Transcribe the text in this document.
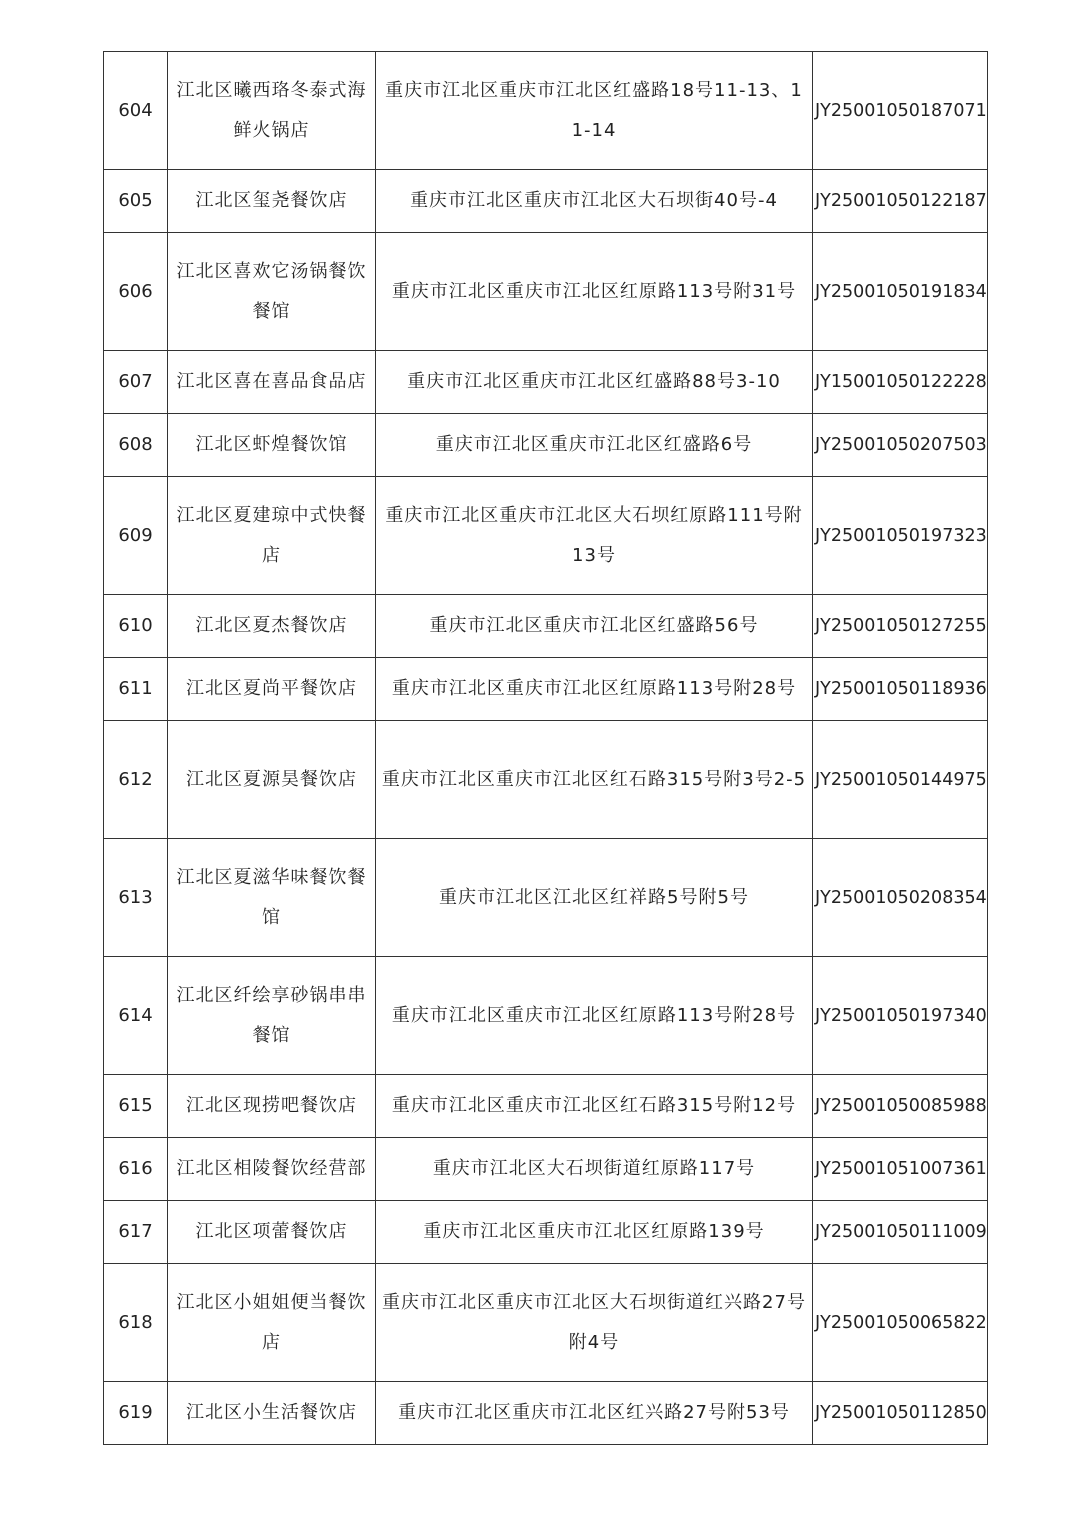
604	江北区曦西珞冬泰式海鲜火锅店	重庆市江北区重庆市江北区红盛路18号11-13、11-14	JY25001050187071
605	江北区玺尧餐饮店	重庆市江北区重庆市江北区大石坝街40号-4	JY25001050122187
606	江北区喜欢它汤锅餐饮餐馆	重庆市江北区重庆市江北区红原路113号附31号	JY25001050191834
607	江北区喜在喜品食品店	重庆市江北区重庆市江北区红盛路88号3-10	JY15001050122228
608	江北区虾煌餐饮馆	重庆市江北区重庆市江北区红盛路6号	JY25001050207503
609	江北区夏建琼中式快餐店	重庆市江北区重庆市江北区大石坝红原路111号附13号	JY25001050197323
610	江北区夏杰餐饮店	重庆市江北区重庆市江北区红盛路56号	JY25001050127255
611	江北区夏尚平餐饮店	重庆市江北区重庆市江北区红原路113号附28号	JY25001050118936
612	江北区夏源昊餐饮店	重庆市江北区重庆市江北区红石路315号附3号2-5	JY25001050144975
613	江北区夏滋华味餐饮餐馆	重庆市江北区江北区红祥路5号附5号	JY25001050208354
614	江北区纤绘享砂锅串串餐馆	重庆市江北区重庆市江北区红原路113号附28号	JY25001050197340
615	江北区现捞吧餐饮店	重庆市江北区重庆市江北区红石路315号附12号	JY25001050085988
616	江北区相陵餐饮经营部	重庆市江北区大石坝街道红原路117号	JY25001051007361
617	江北区项蕾餐饮店	重庆市江北区重庆市江北区红原路139号	JY25001050111009
618	江北区小姐姐便当餐饮店	重庆市江北区重庆市江北区大石坝街道红兴路27号附4号	JY25001050065822
619	江北区小生活餐饮店	重庆市江北区重庆市江北区红兴路27号附53号	JY25001050112850
